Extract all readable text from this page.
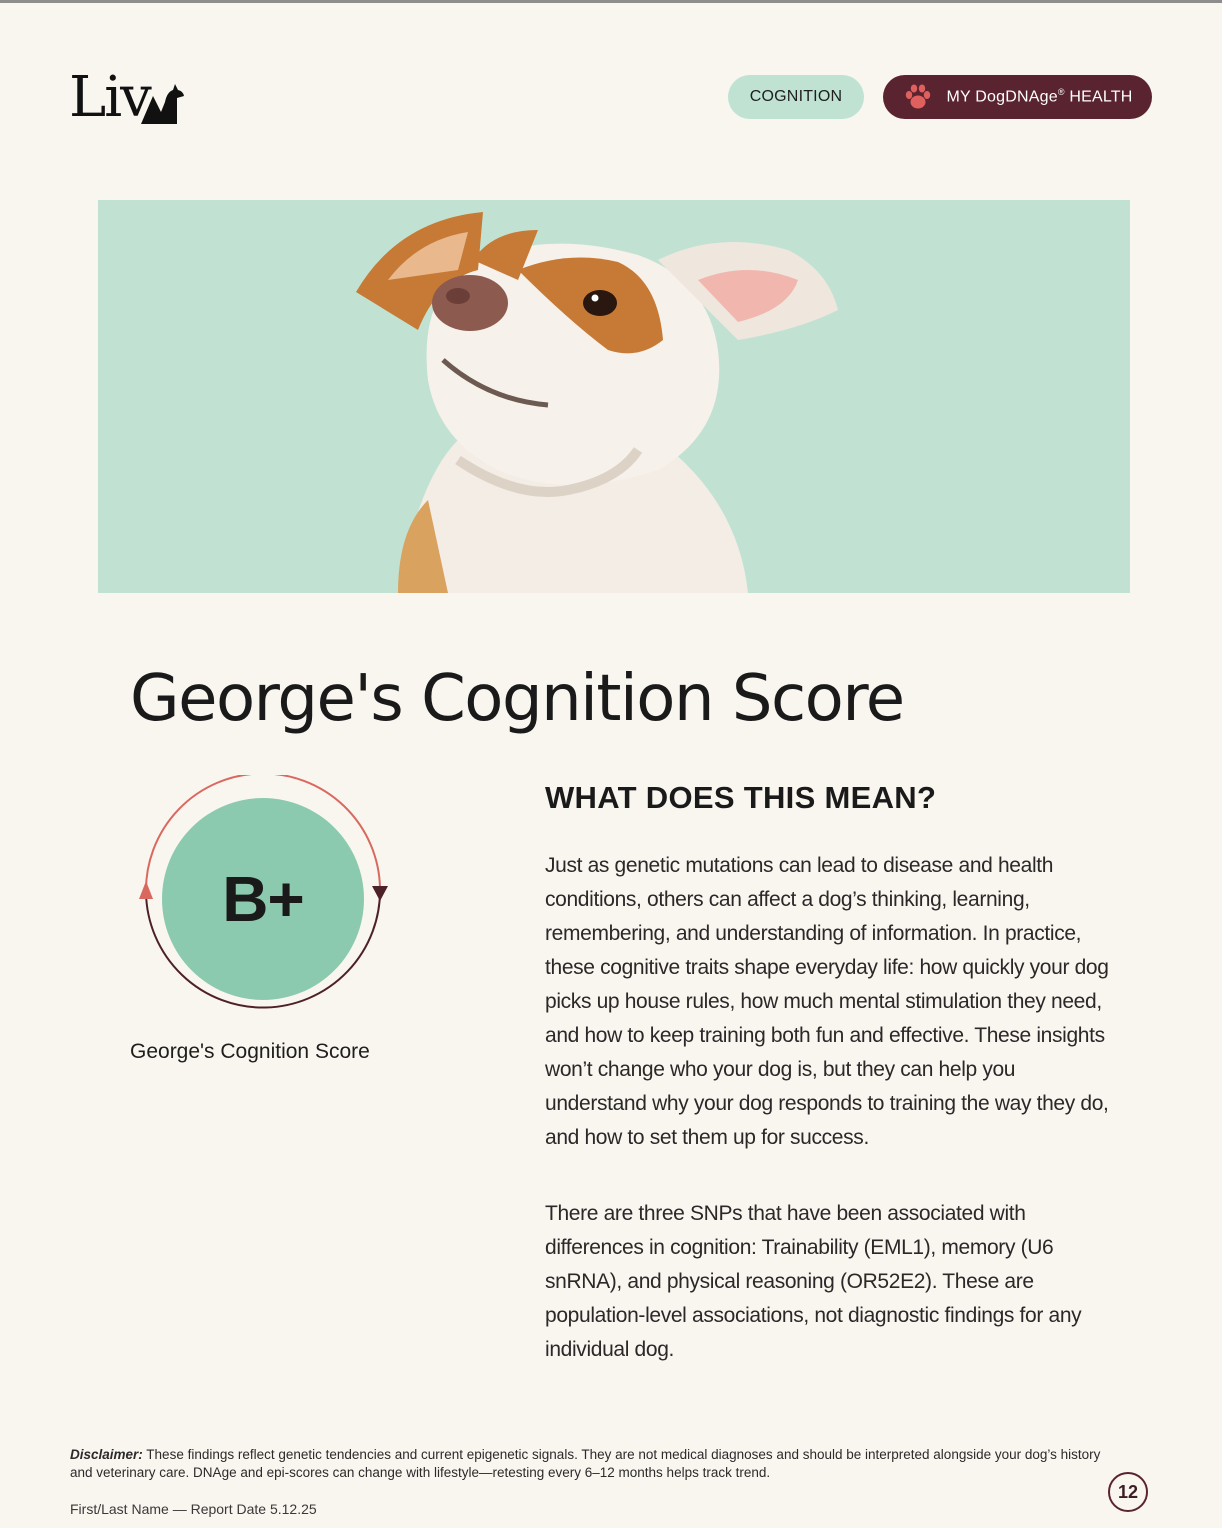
Liv	COGNITION	MY DogDNAge® HEALTH
George's Cognition Score
B+
George's Cognition Score
WHAT DOES THIS MEAN?

Just as genetic mutations can lead to disease and health conditions, others can affect a dog’s thinking, learning, remembering, and understanding of information. In practice, these cognitive traits shape everyday life: how quickly your dog picks up house rules, how much mental stimulation they need, and how to keep training both fun and effective. These insights won’t change who your dog is, but they can help you understand why your dog responds to training the way they do, and how to set them up for success.

There are three SNPs that have been associated with differences in cognition: Trainability (EML1), memory (U6 snRNA), and physical reasoning (OR52E2). These are population-level associations, not diagnostic findings for any individual dog.

Disclaimer: These findings reflect genetic tendencies and current epigenetic signals. They are not medical diagnoses and should be interpreted alongside your dog’s history and veterinary care. DNAge and epi-scores can change with lifestyle—retesting every 6–12 months helps track trend.

First/Last Name — Report Date 5.12.25
12
